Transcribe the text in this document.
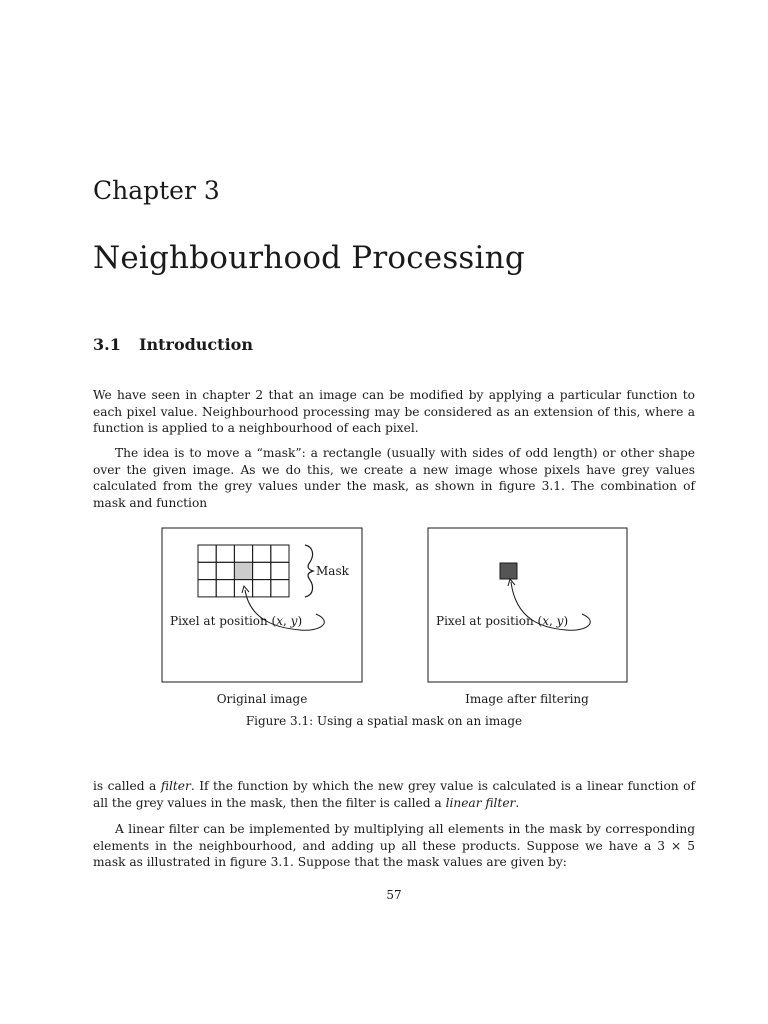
Chapter 3
Neighbourhood Processing
3.1 Introduction

We have seen in chapter 2 that an image can be modified by applying a particular function to each pixel value. Neighbourhood processing may be considered as an extension of this, where a function is applied to a neighbourhood of each pixel.

The idea is to move a “mask”: a rectangle (usually with sides of odd length) or other shape over the given image. As we do this, we create a new image whose pixels have grey values calculated from the grey values under the mask, as shown in figure 3.1. The combination of mask and function

Mask
Pixel at position (x, y)	Pixel at position (x, y)
Original image	Image after filtering

Figure 3.1: Using a spatial mask on an image

is called a filter. If the function by which the new grey value is calculated is a linear function of all the grey values in the mask, then the filter is called a linear filter.

A linear filter can be implemented by multiplying all elements in the mask by corresponding elements in the neighbourhood, and adding up all these products. Suppose we have a 3 × 5 mask as illustrated in figure 3.1. Suppose that the mask values are given by:

57
